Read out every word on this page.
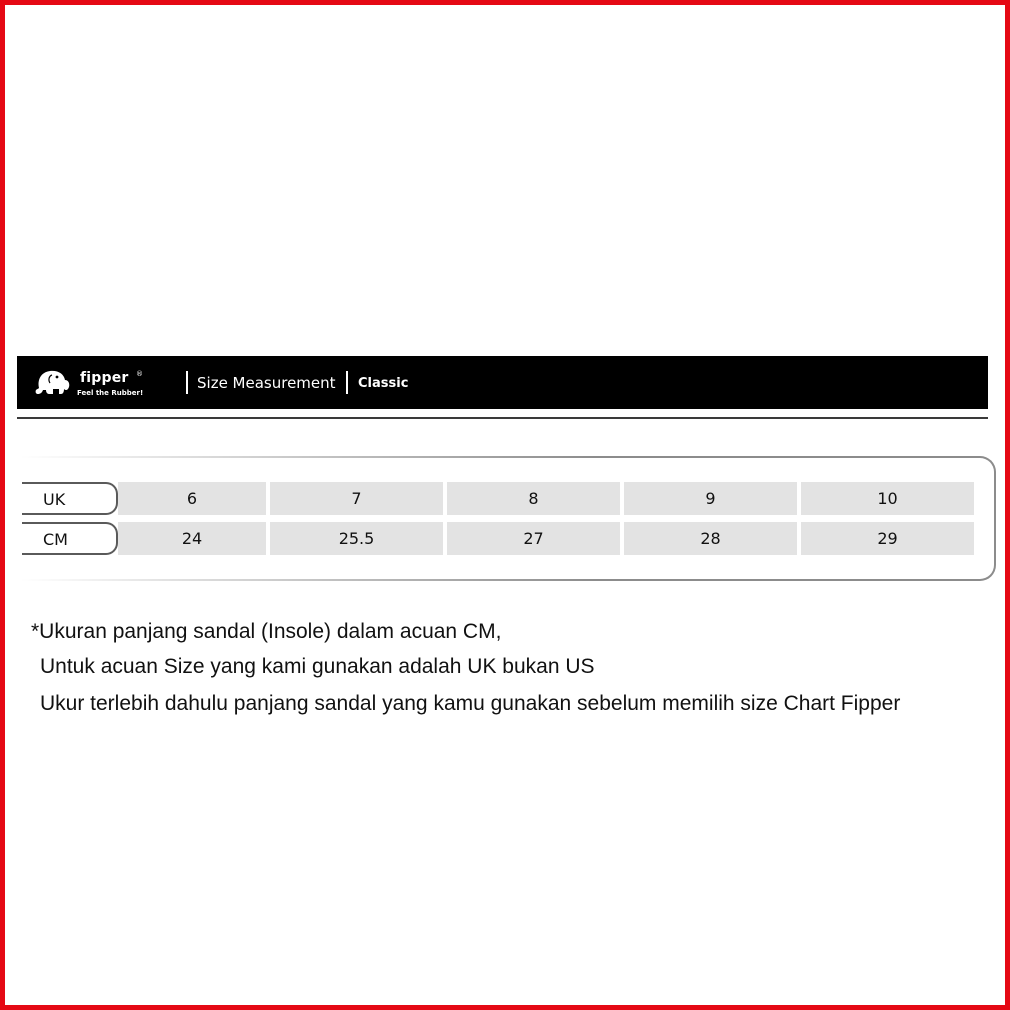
fipper ®
Feel the Rubber!
Size Measurement Classic
UK	6	7	8	9	10
CM	24	25.5	27	28	29
*Ukuran panjang sandal (Insole) dalam acuan CM,
Untuk acuan Size yang kami gunakan adalah UK bukan US
Ukur terlebih dahulu panjang sandal yang kamu gunakan sebelum memilih size Chart Fipper
